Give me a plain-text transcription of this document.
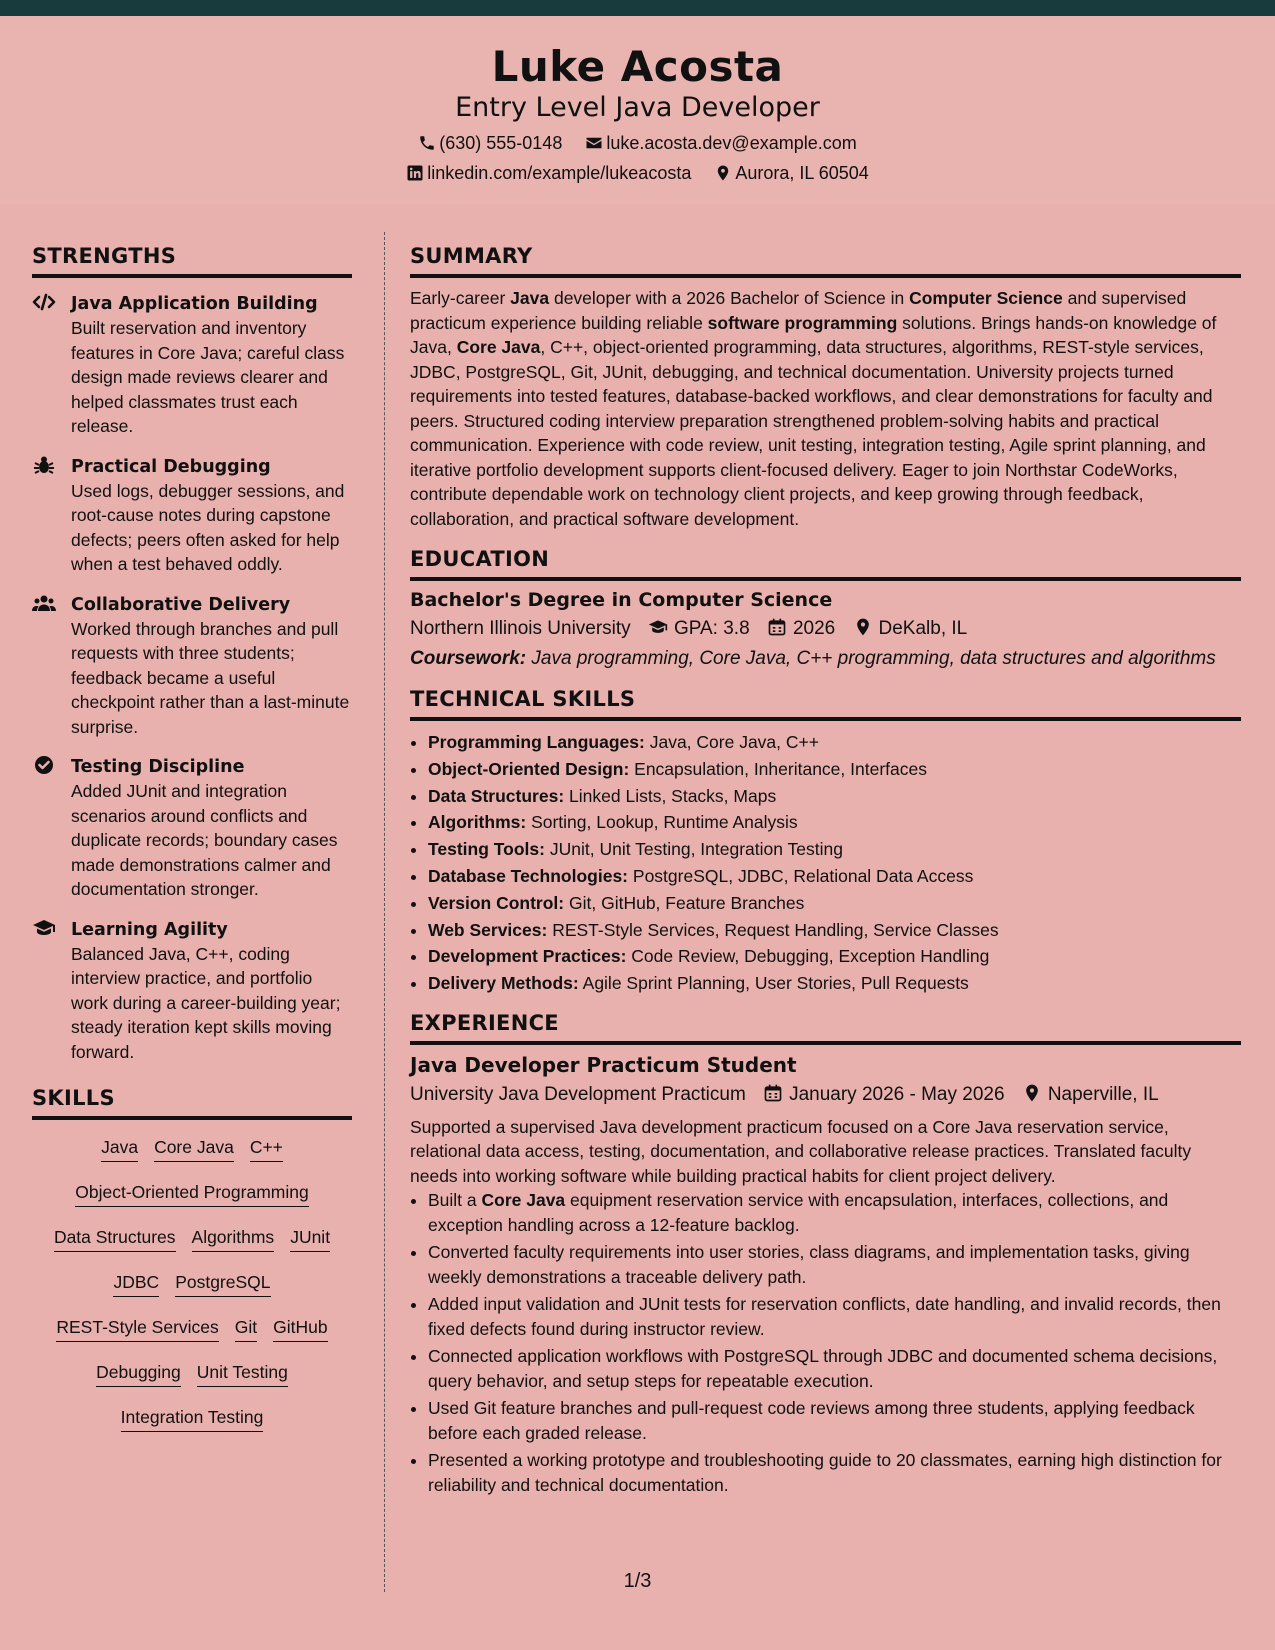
Luke Acosta
Entry Level Java Developer
(630) 555-0148 luke.acosta.dev@example.com
linkedin.com/example/lukeacosta Aurora, IL 60504
STRENGTHS
Java Application Building
Built reservation and inventory features in Core Java; careful class design made reviews clearer and helped classmates trust each release.
Practical Debugging
Used logs, debugger sessions, and root-cause notes during capstone defects; peers often asked for help when a test behaved oddly.
Collaborative Delivery
Worked through branches and pull requests with three students; feedback became a useful checkpoint rather than a last-minute surprise.
Testing Discipline
Added JUnit and integration scenarios around conflicts and duplicate records; boundary cases made demonstrations calmer and documentation stronger.
Learning Agility
Balanced Java, C++, coding interview practice, and portfolio work during a career-building year; steady iteration kept skills moving forward.
SKILLS
Java Core Java C++
Object-Oriented Programming
Data Structures Algorithms JUnit
JDBC PostgreSQL
REST-Style Services Git GitHub
Debugging Unit Testing
Integration Testing
SUMMARY

Early-career Java developer with a 2026 Bachelor of Science in Computer Science and supervised practicum experience building reliable software programming solutions. Brings hands-on knowledge of Java, Core Java, C++, object-oriented programming, data structures, algorithms, REST-style services, JDBC, PostgreSQL, Git, JUnit, debugging, and technical documentation. University projects turned requirements into tested features, database-backed workflows, and clear demonstrations for faculty and peers. Structured coding interview preparation strengthened problem-solving habits and practical communication. Experience with code review, unit testing, integration testing, Agile sprint planning, and iterative portfolio development supports client-focused delivery. Eager to join Northstar CodeWorks, contribute dependable work on technology client projects, and keep growing through feedback, collaboration, and practical software development.

EDUCATION
Bachelor's Degree in Computer Science
Northern Illinois University GPA: 3.8 2026 DeKalb, IL
Coursework: Java programming, Core Java, C++ programming, data structures and algorithms
TECHNICAL SKILLS
• Programming Languages: Java, Core Java, C++
• Object-Oriented Design: Encapsulation, Inheritance, Interfaces
• Data Structures: Linked Lists, Stacks, Maps
• Algorithms: Sorting, Lookup, Runtime Analysis
• Testing Tools: JUnit, Unit Testing, Integration Testing
• Database Technologies: PostgreSQL, JDBC, Relational Data Access
• Version Control: Git, GitHub, Feature Branches
• Web Services: REST-Style Services, Request Handling, Service Classes
• Development Practices: Code Review, Debugging, Exception Handling
• Delivery Methods: Agile Sprint Planning, User Stories, Pull Requests
EXPERIENCE
Java Developer Practicum Student
University Java Development Practicum January 2026 - May 2026 Naperville, IL
Supported a supervised Java development practicum focused on a Core Java reservation service, relational data access, testing, documentation, and collaborative release practices. Translated faculty needs into working software while building practical habits for client project delivery.
• Built a Core Java equipment reservation service with encapsulation, interfaces, collections, and exception handling across a 12-feature backlog.
• Converted faculty requirements into user stories, class diagrams, and implementation tasks, giving weekly demonstrations a traceable delivery path.
• Added input validation and JUnit tests for reservation conflicts, date handling, and invalid records, then fixed defects found during instructor review.
• Connected application workflows with PostgreSQL through JDBC and documented schema decisions, query behavior, and setup steps for repeatable execution.
• Used Git feature branches and pull-request code reviews among three students, applying feedback before each graded release.
• Presented a working prototype and troubleshooting guide to 20 classmates, earning high distinction for reliability and technical documentation.
1/3
